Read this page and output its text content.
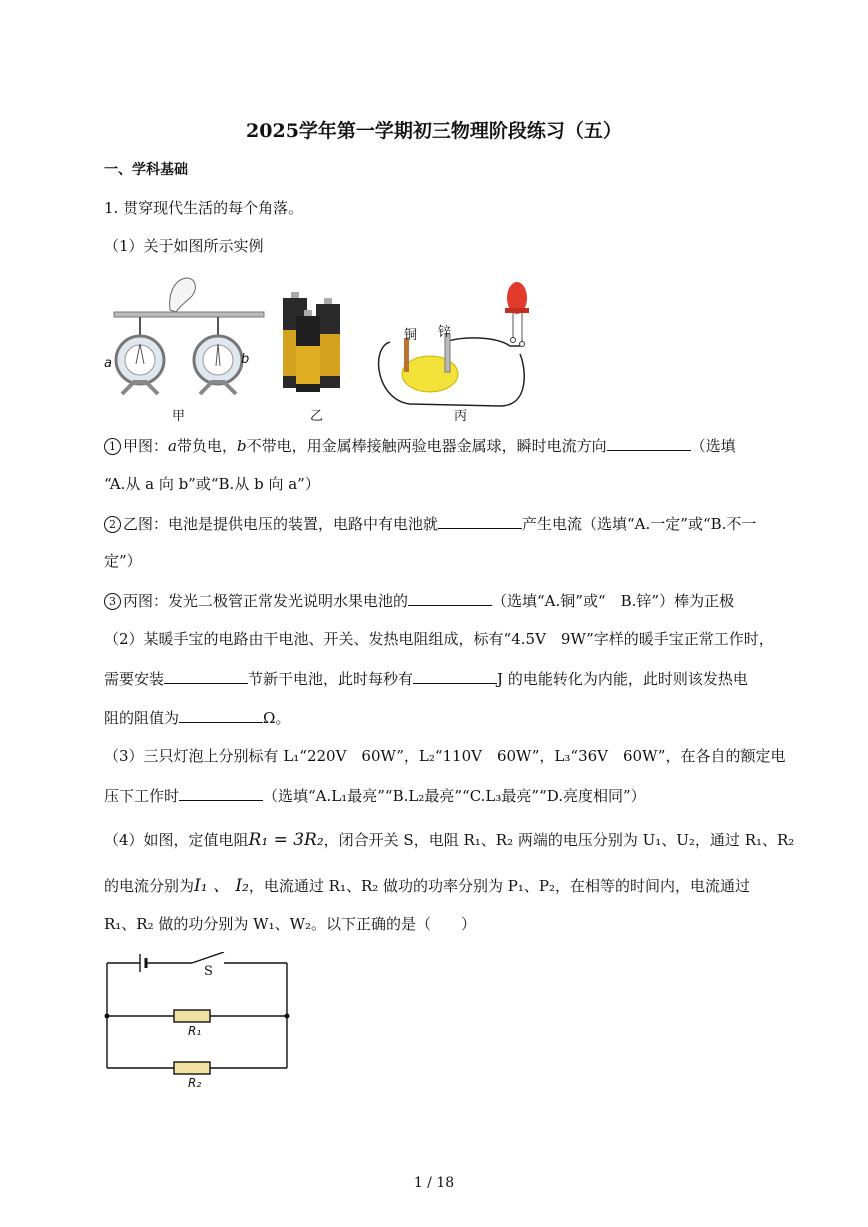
2025学年第一学期初三物理阶段练习（五）
一、学科基础
1. 贯穿现代生活的每个角落。
（1）关于如图所示实例
a	b
铜 锌
甲	乙	丙
1 甲图：a带负电，b不带电，用金属棒接触两验电器金属球，瞬时电流方向	（选填
“A.从 a 向 b”或“B.从 b 向 a”）
2 乙图：电池是提供电压的装置，电路中有电池就	产生电流（选填“A.一定”或“B.不一
定”）
3 丙图：发光二极管正常发光说明水果电池的	（选填“A.铜”或“　B.锌”）棒为正极
（2）某暖手宝的电路由干电池、开关、发热电阻组成，标有“4.5V　9W”字样的暖手宝正常工作时，
需要安装	节新干电池，此时每秒有	J 的电能转化为内能，此时则该发热电
阻的阻值为	Ω。
（3）三只灯泡上分别标有 L₁“220V　60W”，L₂“110V　60W”，L₃“36V　60W”，在各自的额定电
压下工作时	（选填“A.L₁最亮”“B.L₂最亮”“C.L₃最亮”“D.亮度相同”）
（4）如图，定值电阻R₁ = 3R₂，闭合开关 S，电阻 R₁、R₂ 两端的电压分别为 U₁、U₂，通过 R₁、R₂
的电流分别为I₁ 、 I₂，电流通过 R₁、R₂ 做功的功率分别为 P₁、P₂，在相等的时间内，电流通过
R₁、R₂ 做的功分别为 W₁、W₂。以下正确的是（　　）
S
R₁
R₂
1 / 18
